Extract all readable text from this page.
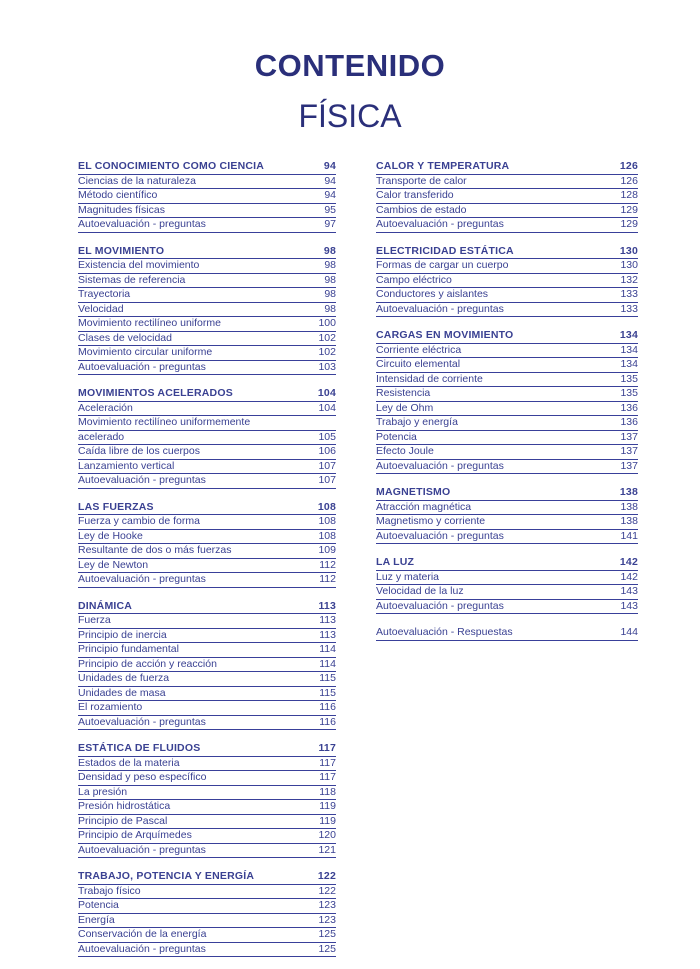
CONTENIDO
FÍSICA
EL CONOCIMIENTO COMO CIENCIA	94
Ciencias de la naturaleza	94
Método científico	94
Magnitudes físicas	95
Autoevaluación - preguntas	97
EL MOVIMIENTO	98
Existencia del movimiento	98
Sistemas de referencia	98
Trayectoria	98
Velocidad	98
Movimiento rectilíneo uniforme	100
Clases de velocidad	102
Movimiento circular uniforme	102
Autoevaluación - preguntas	103
MOVIMIENTOS ACELERADOS	104
Aceleración	104
Movimiento rectilíneo uniformemente
acelerado	105
Caída libre de los cuerpos	106
Lanzamiento vertical	107
Autoevaluación - preguntas	107
LAS FUERZAS	108
Fuerza y cambio de forma	108
Ley de Hooke	108
Resultante de dos o más fuerzas	109
Ley de Newton	112
Autoevaluación - preguntas	112
DINÁMICA	113
Fuerza	113
Principio de inercia	113
Principio fundamental	114
Principio de acción y reacción	114
Unidades de fuerza	115
Unidades de masa	115
El rozamiento	116
Autoevaluación - preguntas	116
ESTÁTICA DE FLUIDOS	117
Estados de la materia	117
Densidad y peso específico	117
La presión	118
Presión hidrostática	119
Principio de Pascal	119
Principio de Arquímedes	120
Autoevaluación - preguntas	121
TRABAJO, POTENCIA Y ENERGÍA	122
Trabajo físico	122
Potencia	123
Energía	123
Conservación de la energía	125
Autoevaluación - preguntas	125
CALOR Y TEMPERATURA	126
Transporte de calor	126
Calor transferido	128
Cambios de estado	129
Autoevaluación - preguntas	129
ELECTRICIDAD ESTÁTICA	130
Formas de cargar un cuerpo	130
Campo eléctrico	132
Conductores y aislantes	133
Autoevaluación - preguntas	133
CARGAS EN MOVIMIENTO	134
Corriente eléctrica	134
Circuito elemental	134
Intensidad de corriente	135
Resistencia	135
Ley de Ohm	136
Trabajo y energía	136
Potencia	137
Efecto Joule	137
Autoevaluación - preguntas	137
MAGNETISMO	138
Atracción magnética	138
Magnetismo y corriente	138
Autoevaluación - preguntas	141
LA LUZ	142
Luz y materia	142
Velocidad de la luz	143
Autoevaluación - preguntas	143
Autoevaluación - Respuestas	144
